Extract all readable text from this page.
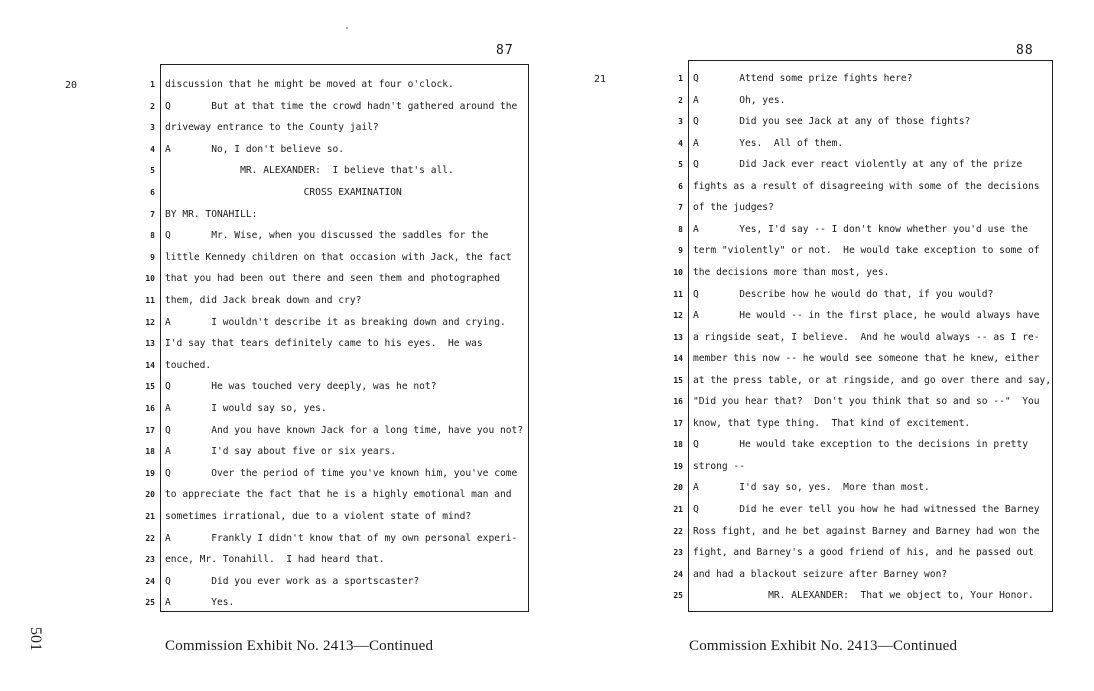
501
87
20	1 discussion that he might be moved at four o'clock.
2 Q       But at that time the crowd hadn't gathered around the
3 driveway entrance to the County jail?
4 A       No, I don't believe so.
5 MR. ALEXANDER:  I believe that's all.
6 CROSS EXAMINATION
7 BY MR. TONAHILL:
8 Q       Mr. Wise, when you discussed the saddles for the
9 little Kennedy children on that occasion with Jack, the fact
10 that you had been out there and seen them and photographed
11 them, did Jack break down and cry?
12 A       I wouldn't describe it as breaking down and crying.
13 I'd say that tears definitely came to his eyes.  He was
14 touched.
15 Q       He was touched very deeply, was he not?
16 A       I would say so, yes.
17 Q       And you have known Jack for a long time, have you not?
18 A       I'd say about five or six years.
19 Q       Over the period of time you've known him, you've come
20 to appreciate the fact that he is a highly emotional man and
21 sometimes irrational, due to a violent state of mind?
22 A       Frankly I didn't know that of my own personal experi-
23 ence, Mr. Tonahill.  I had heard that.
24 Q       Did you ever work as a sportscaster?
25 A       Yes.
Commission Exhibit No. 2413—Continued
88
21	1 Q       Attend some prize fights here?
2 A       Oh, yes.
3 Q       Did you see Jack at any of those fights?
4 A       Yes.  All of them.
5 Q       Did Jack ever react violently at any of the prize
6 fights as a result of disagreeing with some of the decisions
7 of the judges?
8 A       Yes, I'd say -- I don't know whether you'd use the
9 term "violently" or not.  He would take exception to some of
10 the decisions more than most, yes.
11 Q       Describe how he would do that, if you would?
12 A       He would -- in the first place, he would always have
13 a ringside seat, I believe.  And he would always -- as I re-
14 member this now -- he would see someone that he knew, either
15 at the press table, or at ringside, and go over there and say,
16 "Did you hear that?  Don't you think that so and so --"  You
17 know, that type thing.  That kind of excitement.
18 Q       He would take exception to the decisions in pretty
19 strong --
20 A       I'd say so, yes.  More than most.
21 Q       Did he ever tell you how he had witnessed the Barney
22 Ross fight, and he bet against Barney and Barney had won the
23 fight, and Barney's a good friend of his, and he passed out
24 and had a blackout seizure after Barney won?
25 MR. ALEXANDER:  That we object to, Your Honor.
Commission Exhibit No. 2413—Continued
